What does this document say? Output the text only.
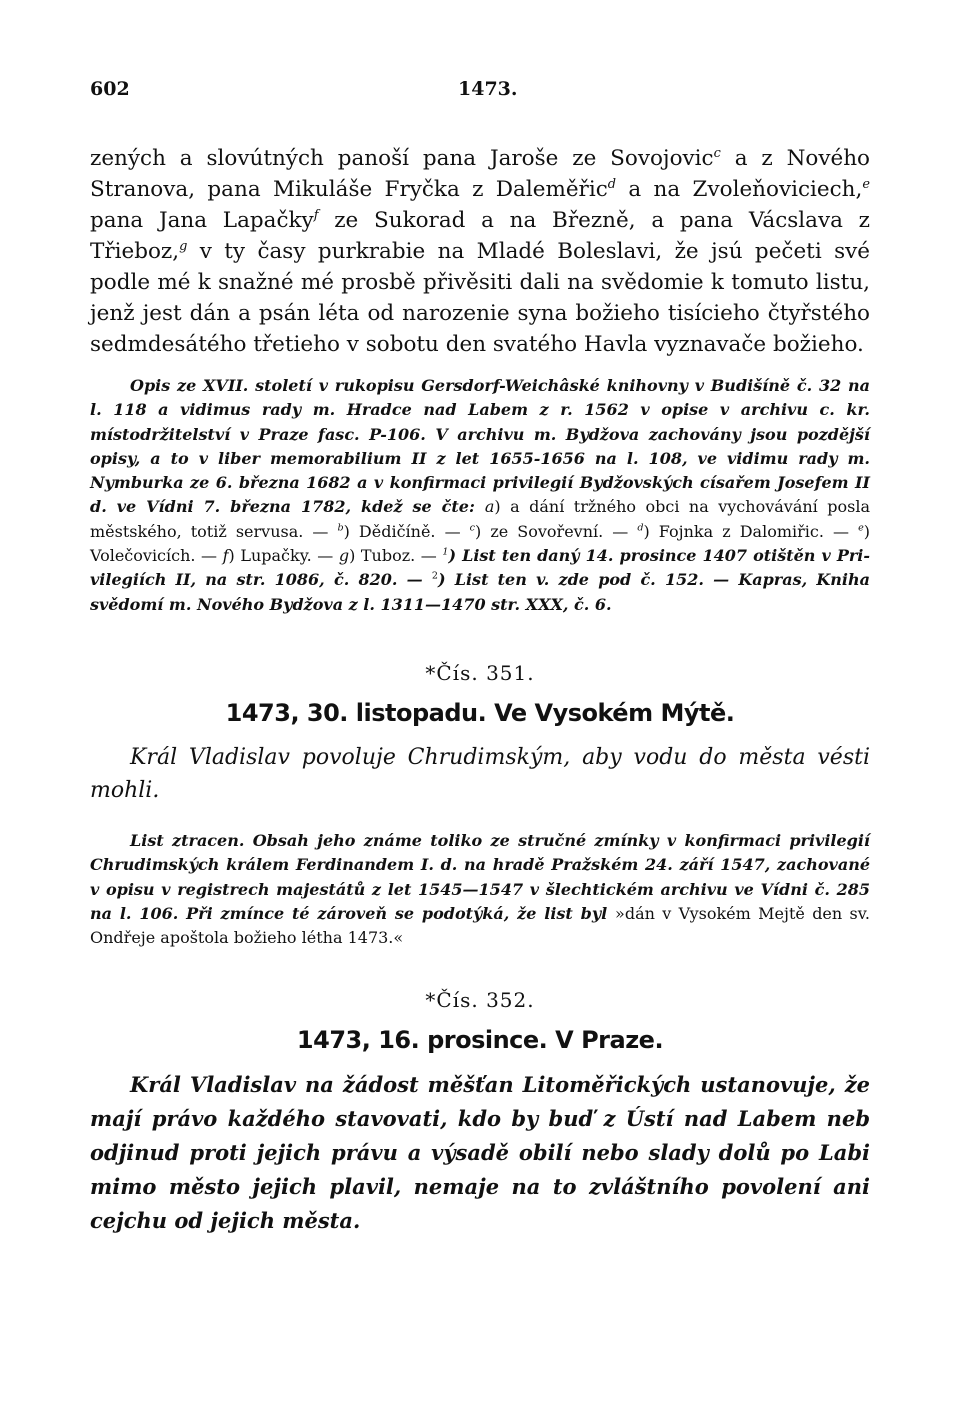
602	1473.

zených a slovútných panoší pana Jaroše ze Sovojovic$^c$ a z Nového Stranova, pana Mikuláše Fryčka z Daleměřic$^d$ a na Zvoleňoviciech,$^e$ pana Jana Lapačky$^f$ ze Sukorad a na Březně, a pana Vácslava z Třieboz,$^g$ v ty časy purkrabie na Mladé Boleslavi, že jsú pečeti své podle mé k snažné mé prosbě přivěsiti dali na svědomie k tomuto listu, jenž jest dán a psán léta od narozenie syna božieho tisícieho čtyřstého sedmdesátého třetieho v sobotu den svatého Havla vyznavače božieho.

Opis ze XVII. století v rukopisu Gersdorf-Weichâské knihovny v Budišíně č. 32 na l. 118 a vidimus rady m. Hradce nad Labem z r. 1562 v opise v archivu c. kr. místodržitelství v Praze fasc. P-106. V archivu m. Bydžova zachovány jsou pozdější opisy, a to v liber memorabilium II z let 1655-1656 na l. 108, ve vidimu rady m. Nymburka ze 6. března 1682 a v konfirmaci privilegií Bydžovských císařem Josefem II d. ve Vídni 7. března 1782, kdež se čte: a) a dání tržného obci na vychovávání posla městského, totiž servusa. — $^b$) Dědičíně. — $^c$) ze Sovořevní. — $^d$) Fojnka z Dalomiřic. — $^e$) Volečovicích. — f) Lupačky. — g) Tuboz. — $^1$) List ten daný 14. prosince 1407 otištěn v Privilegiích II, na str. 1086, č. 820. — $^2$) List ten v. zde pod č. 152. — Kapras, Kniha svědomí m. Nového Bydžova z l. 1311—1470 str. XXX, č. 6.

*Čís. 351.
1473, 30. listopadu. Ve Vysokém Mýtě.

Král Vladislav povoluje Chrudimským, aby vodu do města vésti mohli.

List ztracen. Obsah jeho známe toliko ze stručné zmínky v konfirmaci privilegií Chrudimských králem Ferdinandem I. d. na hradě Pražském 24. září 1547, zachované v opisu v registrech majestátů z let 1545—1547 v šlechtickém archivu ve Vídni č. 285 na l. 106. Při zmínce té zároveň se podotýká, že list byl »dán v Vysokém Mejtě den sv. Ondřeje apoštola božieho létha 1473.«

*Čís. 352.
1473, 16. prosince. V Praze.

Král Vladislav na žádost měšťan Litoměřických ustanovuje, že mají právo každého stavovati, kdo by buď z Ústí nad Labem neb odjinud proti jejich právu a výsadě obilí nebo slady dolů po Labi mimo město jejich plavil, nemaje na to zvláštního povolení ani cejchu od jejich města.
